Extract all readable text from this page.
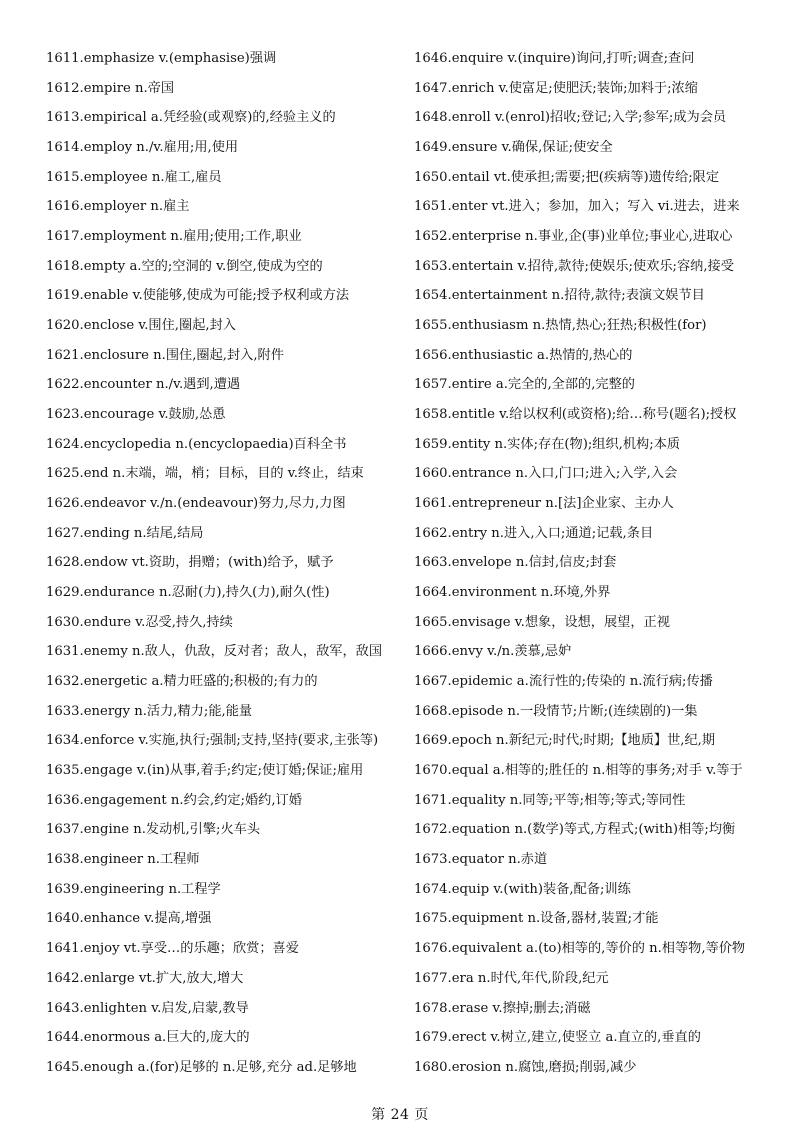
1611.emphasize v.(emphasise)强调
1612.empire n.帝国
1613.empirical a.凭经验(或观察)的,经验主义的
1614.employ n./v.雇用;用,使用
1615.employee n.雇工,雇员
1616.employer n.雇主
1617.employment n.雇用;使用;工作,职业
1618.empty a.空的;空洞的 v.倒空,使成为空的
1619.enable v.使能够,使成为可能;授予权利或方法
1620.enclose v.围住,圈起,封入
1621.enclosure n.围住,圈起,封入,附件
1622.encounter n./v.遇到,遭遇
1623.encourage v.鼓励,怂恿
1624.encyclopedia n.(encyclopaedia)百科全书
1625.end n.末端，端，梢；目标，目的 v.终止，结束
1626.endeavor v./n.(endeavour)努力,尽力,力图
1627.ending n.结尾,结局
1628.endow vt.资助，捐赠；(with)给予，赋予
1629.endurance n.忍耐(力),持久(力),耐久(性)
1630.endure v.忍受,持久,持续
1631.enemy n.敌人，仇敌，反对者；敌人，敌军，敌国
1632.energetic a.精力旺盛的;积极的;有力的
1633.energy n.活力,精力;能,能量
1634.enforce v.实施,执行;强制;支持,坚持(要求,主张等)
1635.engage v.(in)从事,着手;约定;使订婚;保证;雇用
1636.engagement n.约会,约定;婚约,订婚
1637.engine n.发动机,引擎;火车头
1638.engineer n.工程师
1639.engineering n.工程学
1640.enhance v.提高,增强
1641.enjoy vt.享受…的乐趣；欣赏；喜爱
1642.enlarge vt.扩大,放大,增大
1643.enlighten v.启发,启蒙,教导
1644.enormous a.巨大的,庞大的
1645.enough a.(for)足够的 n.足够,充分 ad.足够地
1646.enquire v.(inquire)询问,打听;调查;查问
1647.enrich v.使富足;使肥沃;装饰;加料于;浓缩
1648.enroll v.(enrol)招收;登记;入学;参军;成为会员
1649.ensure v.确保,保证;使安全
1650.entail vt.使承担;需要;把(疾病等)遗传给;限定
1651.enter vt.进入；参加，加入；写入 vi.进去，进来
1652.enterprise n.事业,企(事)业单位;事业心,进取心
1653.entertain v.招待,款待;使娱乐;使欢乐;容纳,接受
1654.entertainment n.招待,款待;表演文娱节目
1655.enthusiasm n.热情,热心;狂热;积极性(for)
1656.enthusiastic a.热情的,热心的
1657.entire a.完全的,全部的,完整的
1658.entitle v.给以权利(或资格);给…称号(题名);授权
1659.entity n.实体;存在(物);组织,机构;本质
1660.entrance n.入口,门口;进入;入学,入会
1661.entrepreneur n.[法]企业家、主办人
1662.entry n.进入,入口;通道;记载,条目
1663.envelope n.信封,信皮;封套
1664.environment n.环境,外界
1665.envisage v.想象，设想，展望，正视
1666.envy v./n.羡慕,忌妒
1667.epidemic a.流行性的;传染的 n.流行病;传播
1668.episode n.一段情节;片断;(连续剧的)一集
1669.epoch n.新纪元;时代;时期;【地质】世,纪,期
1670.equal a.相等的;胜任的 n.相等的事务;对手 v.等于
1671.equality n.同等;平等;相等;等式;等同性
1672.equation n.(数学)等式,方程式;(with)相等;均衡
1673.equator n.赤道
1674.equip v.(with)装备,配备;训练
1675.equipment n.设备,器材,装置;才能
1676.equivalent a.(to)相等的,等价的 n.相等物,等价物
1677.era n.时代,年代,阶段,纪元
1678.erase v.擦掉;删去;消磁
1679.erect v.树立,建立,使竖立 a.直立的,垂直的
1680.erosion n.腐蚀,磨损;削弱,减少
第 24 页
